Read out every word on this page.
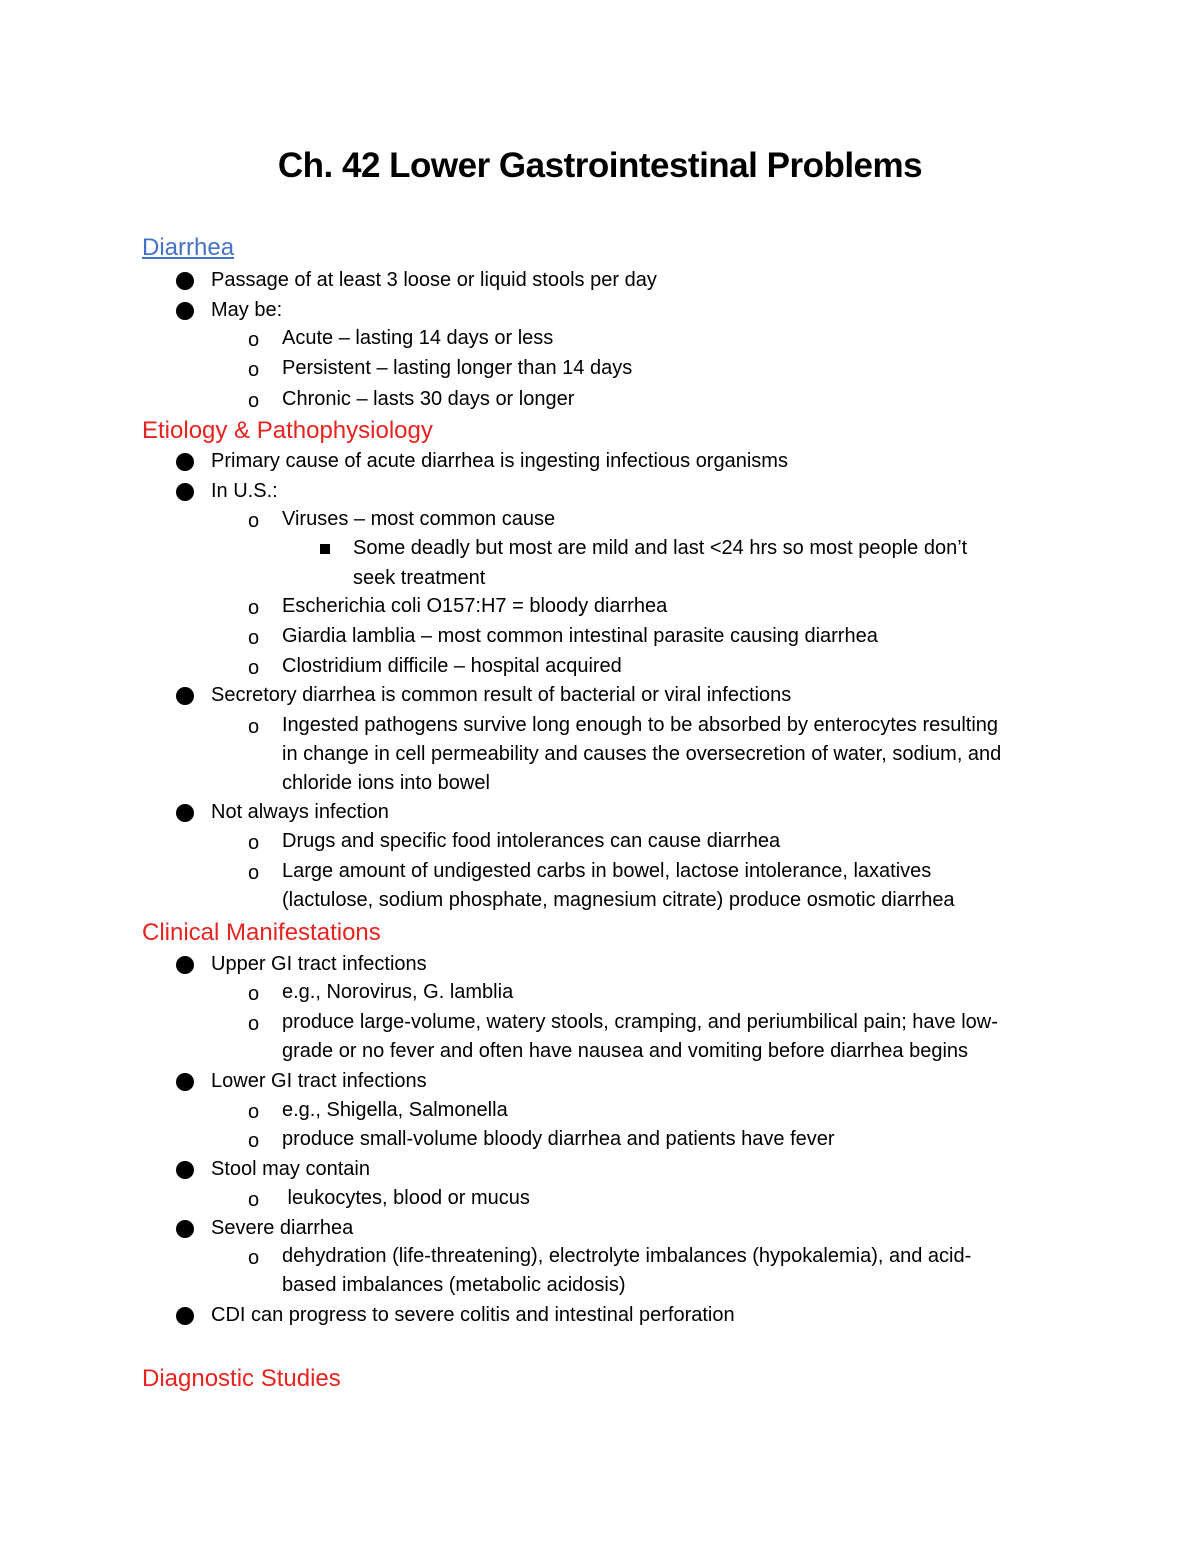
Ch. 42 Lower Gastrointestinal Problems
Diarrhea
Passage of at least 3 loose or liquid stools per day
May be:
o Acute – lasting 14 days or less
o Persistent – lasting longer than 14 days
o Chronic – lasts 30 days or longer
Etiology & Pathophysiology
Primary cause of acute diarrhea is ingesting infectious organisms
In U.S.:
o Viruses – most common cause
Some deadly but most are mild and last <24 hrs so most people don’t
seek treatment
o Escherichia coli O157:H7 = bloody diarrhea
o Giardia lamblia – most common intestinal parasite causing diarrhea
o Clostridium difficile – hospital acquired
Secretory diarrhea is common result of bacterial or viral infections
o Ingested pathogens survive long enough to be absorbed by enterocytes resulting
in change in cell permeability and causes the oversecretion of water, sodium, and
chloride ions into bowel
Not always infection
o Drugs and specific food intolerances can cause diarrhea
o Large amount of undigested carbs in bowel, lactose intolerance, laxatives
(lactulose, sodium phosphate, magnesium citrate) produce osmotic diarrhea
Clinical Manifestations
Upper GI tract infections
o e.g., Norovirus, G. lamblia
o produce large-volume, watery stools, cramping, and periumbilical pain; have low-
grade or no fever and often have nausea and vomiting before diarrhea begins
Lower GI tract infections
o e.g., Shigella, Salmonella
o produce small-volume bloody diarrhea and patients have fever
Stool may contain
o leukocytes, blood or mucus
Severe diarrhea
o dehydration (life-threatening), electrolyte imbalances (hypokalemia), and acid-
based imbalances (metabolic acidosis)
CDI can progress to severe colitis and intestinal perforation
Diagnostic Studies
